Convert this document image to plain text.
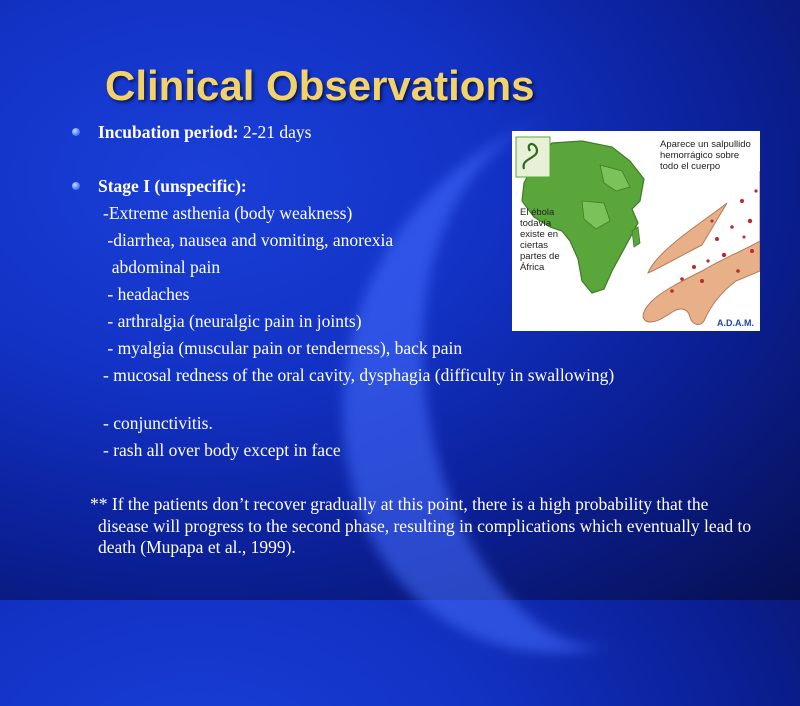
Clinical Observations
Incubation period: 2-21 days
Stage I (unspecific):
-Extreme asthenia (body weakness)
-diarrhea, nausea and vomiting, anorexia
abdominal pain
- headaches
- arthralgia (neuralgic pain in joints)
- myalgia (muscular pain or tenderness), back pain
- mucosal redness of the oral cavity, dysphagia (difficulty in swallowing)
- conjunctivitis.
- rash all over body except in face
** If the patients don’t recover gradually at this point, there is a high probability that the disease will progress to the second phase, resulting in complications which eventually lead to death (Mupapa et al., 1999).
El ébola todavía existe en ciertas partes de África
Aparece un salpullido hemorrágico sobre todo el cuerpo
A.D.A.M.
